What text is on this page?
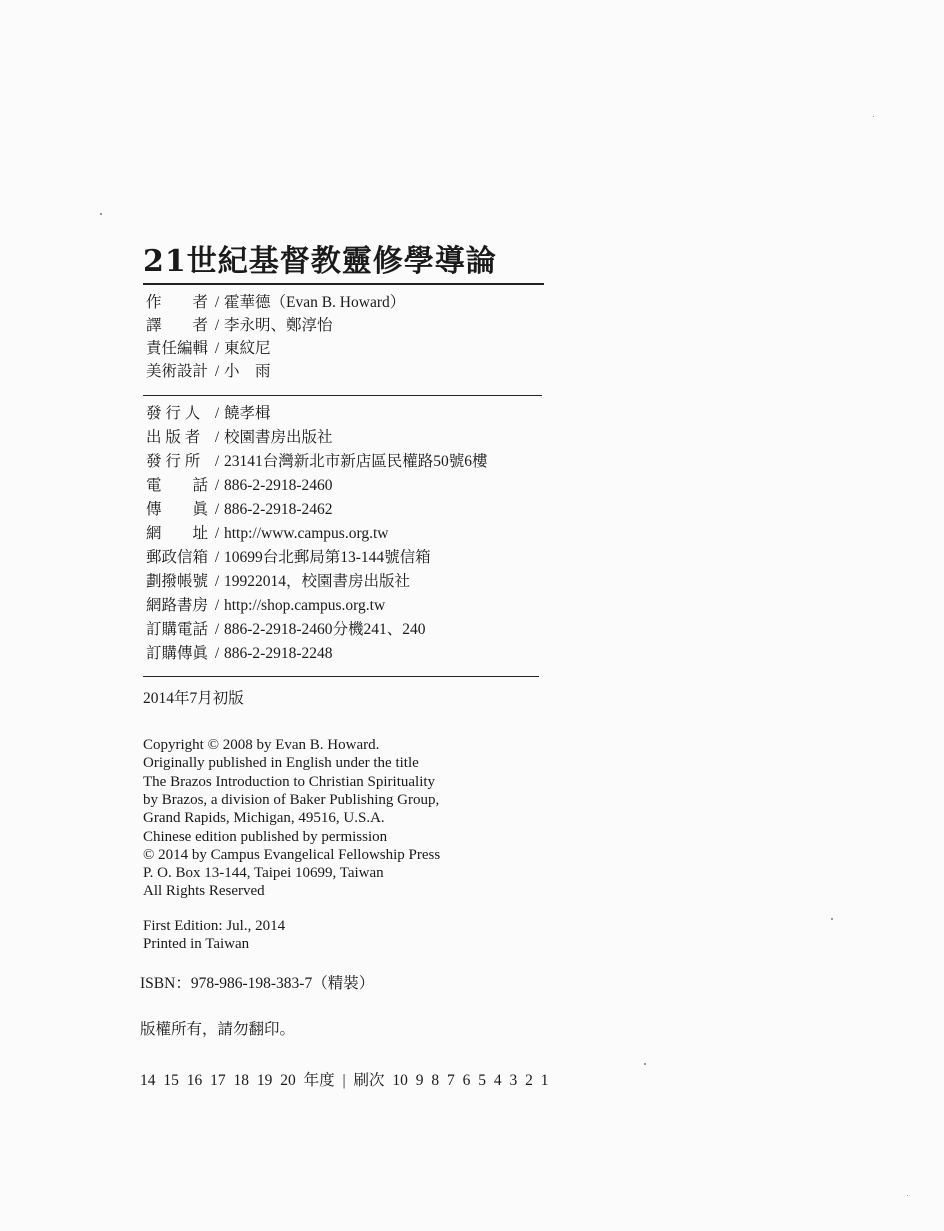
21世紀基督教靈修學導論
作　　者 / 霍華德（Evan B. Howard）
譯　　者 / 李永明、鄭淳怡
責任編輯 / 東紋尼
美術設計 / 小　雨
發 行 人 / 饒孝楫
出 版 者 / 校園書房出版社
發 行 所 / 23141台灣新北市新店區民權路50號6樓
電　　話 / 886-2-2918-2460
傳　　眞 / 886-2-2918-2462
網　　址 / http://www.campus.org.tw
郵政信箱 / 10699台北郵局第13-144號信箱
劃撥帳號 / 19922014，校園書房出版社
網路書房 / http://shop.campus.org.tw
訂購電話 / 886-2-2918-2460分機241、240
訂購傳眞 / 886-2-2918-2248
2014年7月初版
Copyright © 2008 by Evan B. Howard.
Originally published in English under the title
The Brazos Introduction to Christian Spirituality
by Brazos, a division of Baker Publishing Group,
Grand Rapids, Michigan, 49516, U.S.A.
Chinese edition published by permission
© 2014 by Campus Evangelical Fellowship Press
P. O. Box 13-144, Taipei 10699, Taiwan
All Rights Reserved
First Edition: Jul., 2014
Printed in Taiwan
ISBN：978-986-198-383-7（精裝）
版權所有，請勿翻印。
14 15 16 17 18 19 20 年度 | 刷次 10 9 8 7 6 5 4 3 2 1
